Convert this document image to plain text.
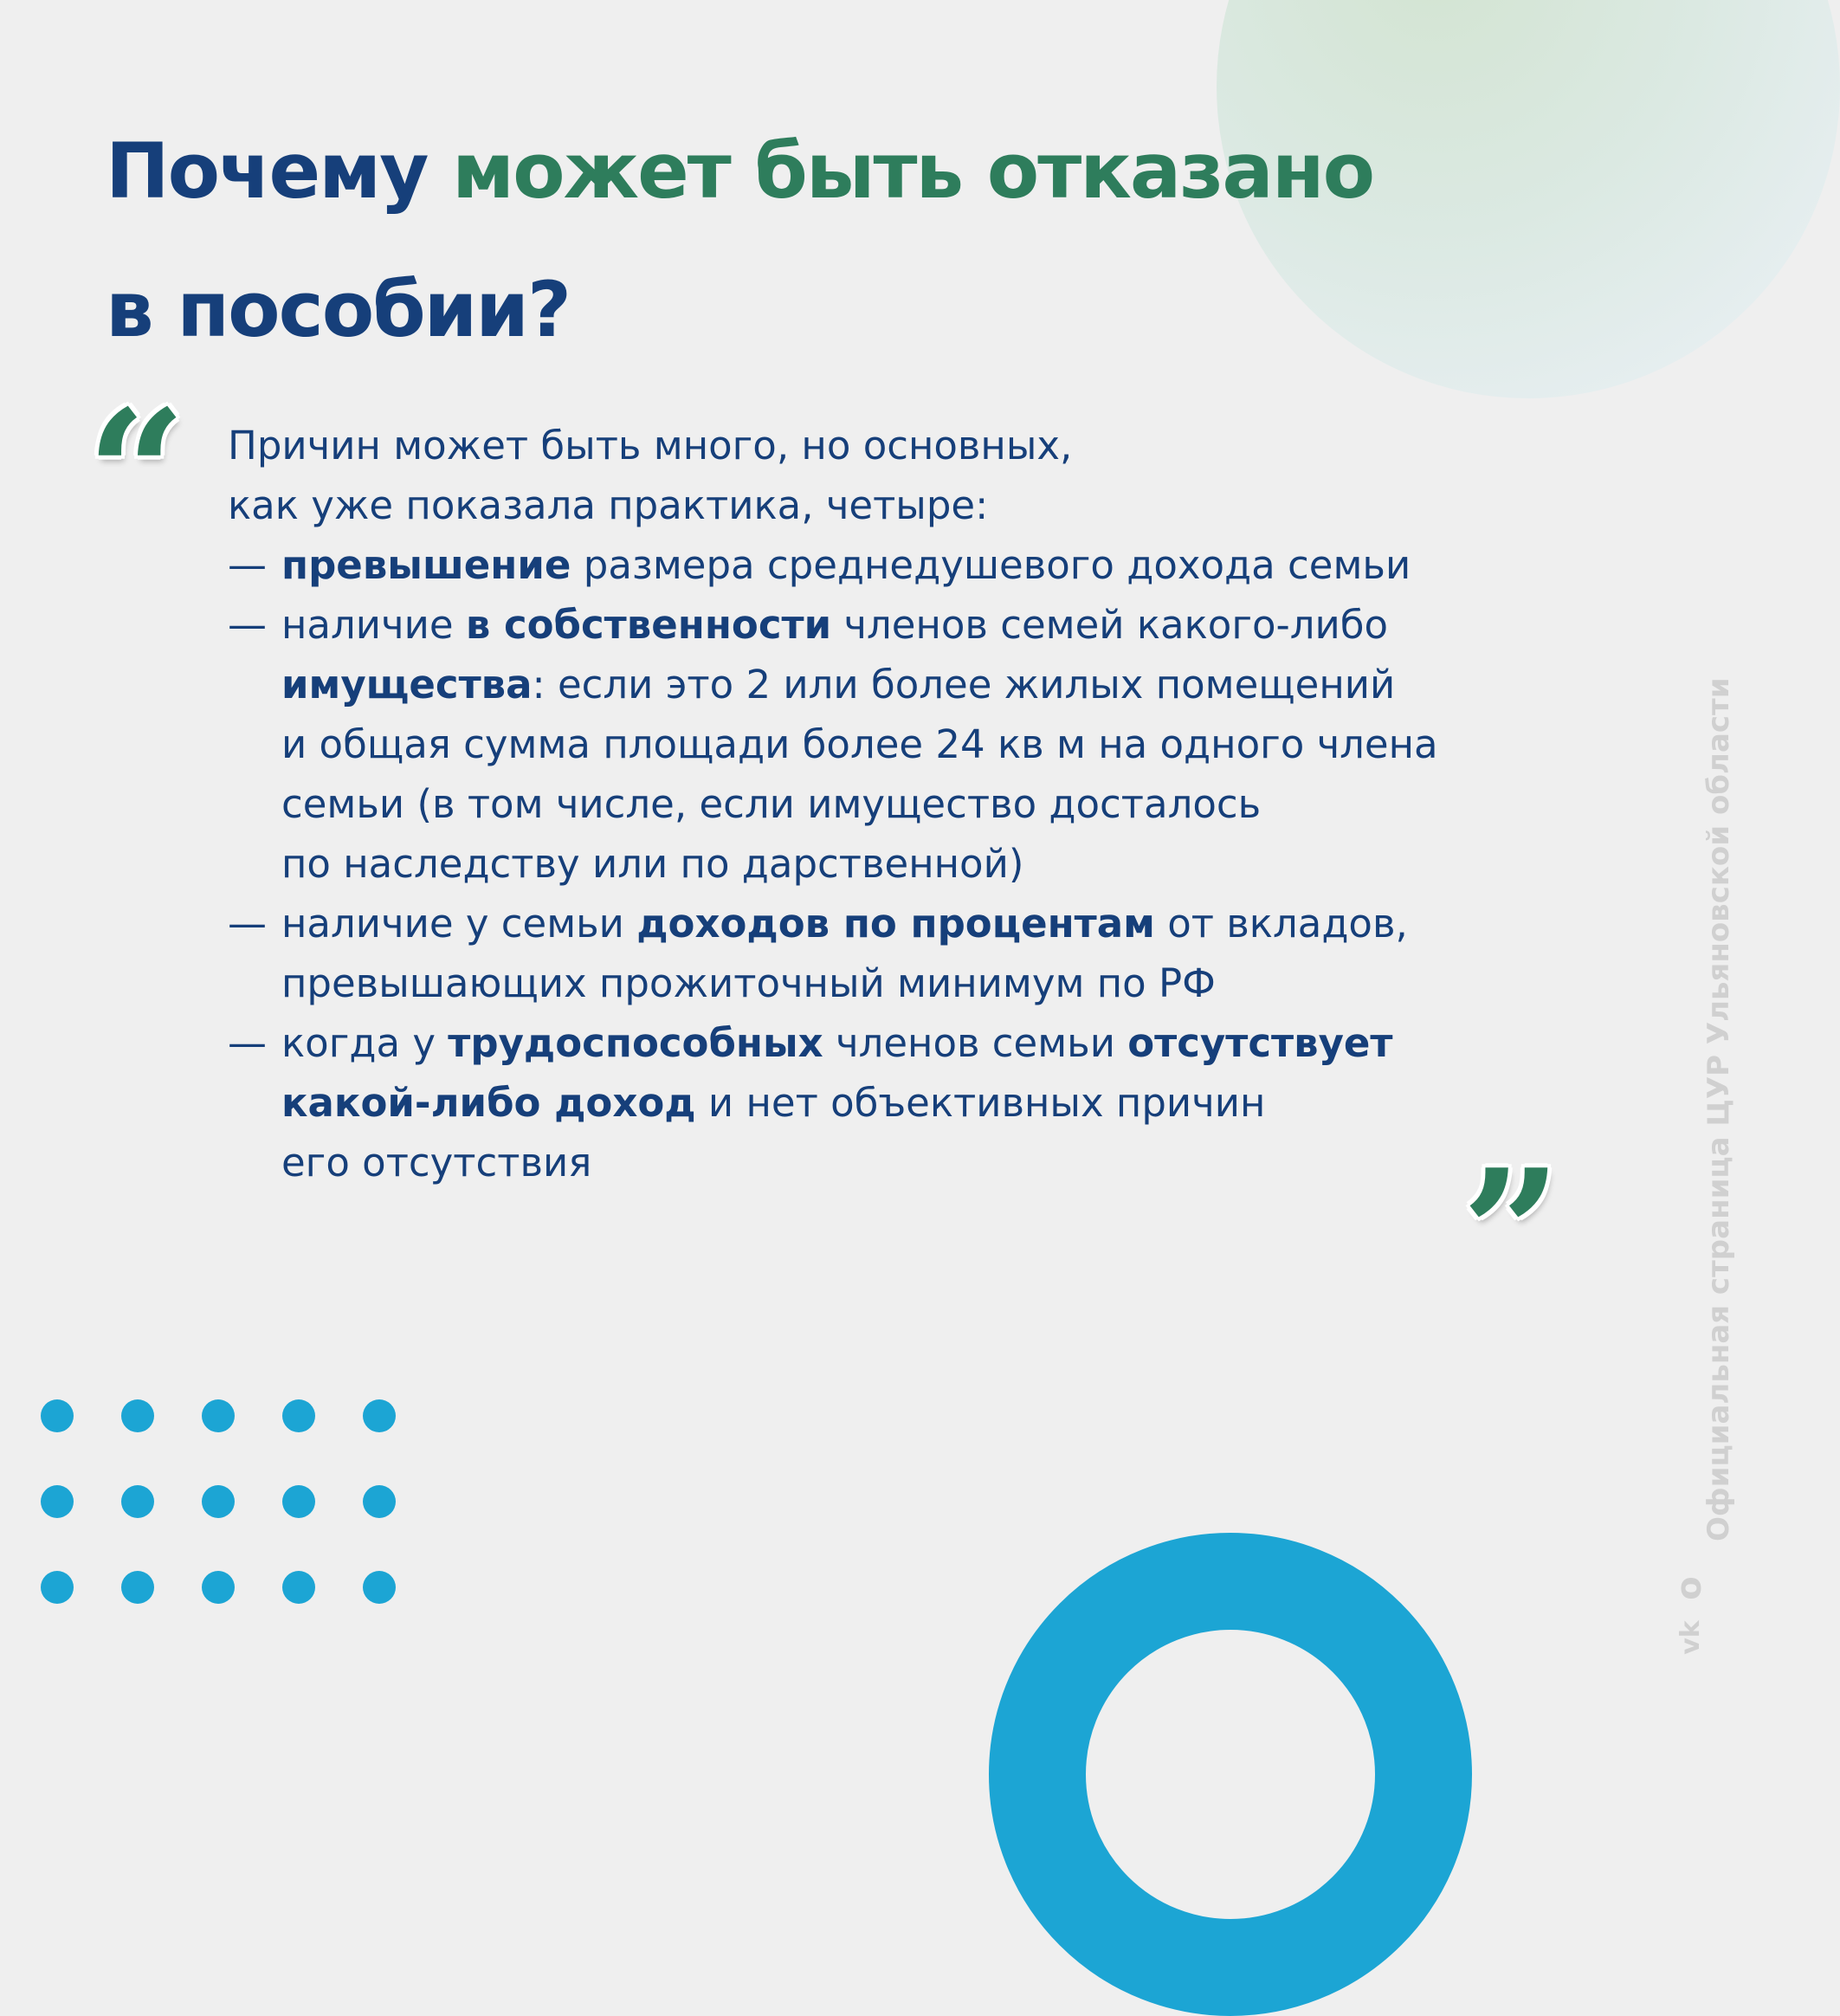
Почему может быть отказано
в пособии?
“ Причин может быть много, но основных,
как уже показала практика, четыре:
— превышение размера среднедушевого дохода семьи
— наличие в собственности членов семей какого-либо
имущества: если это 2 или более жилых помещений
и общая сумма площади более 24 кв м на одного члена
семьи (в том числе, если имущество досталось
по наследству или по дарственной)
— наличие у семьи доходов по процентам от вкладов,
превышающих прожиточный минимум по РФ
— когда у трудоспособных членов семьи отсутствует
какой-либо доход и нет объективных причин
его отсутствия	”	Официальная страница ЦУР Ульяновской области
ᴑ
vk
